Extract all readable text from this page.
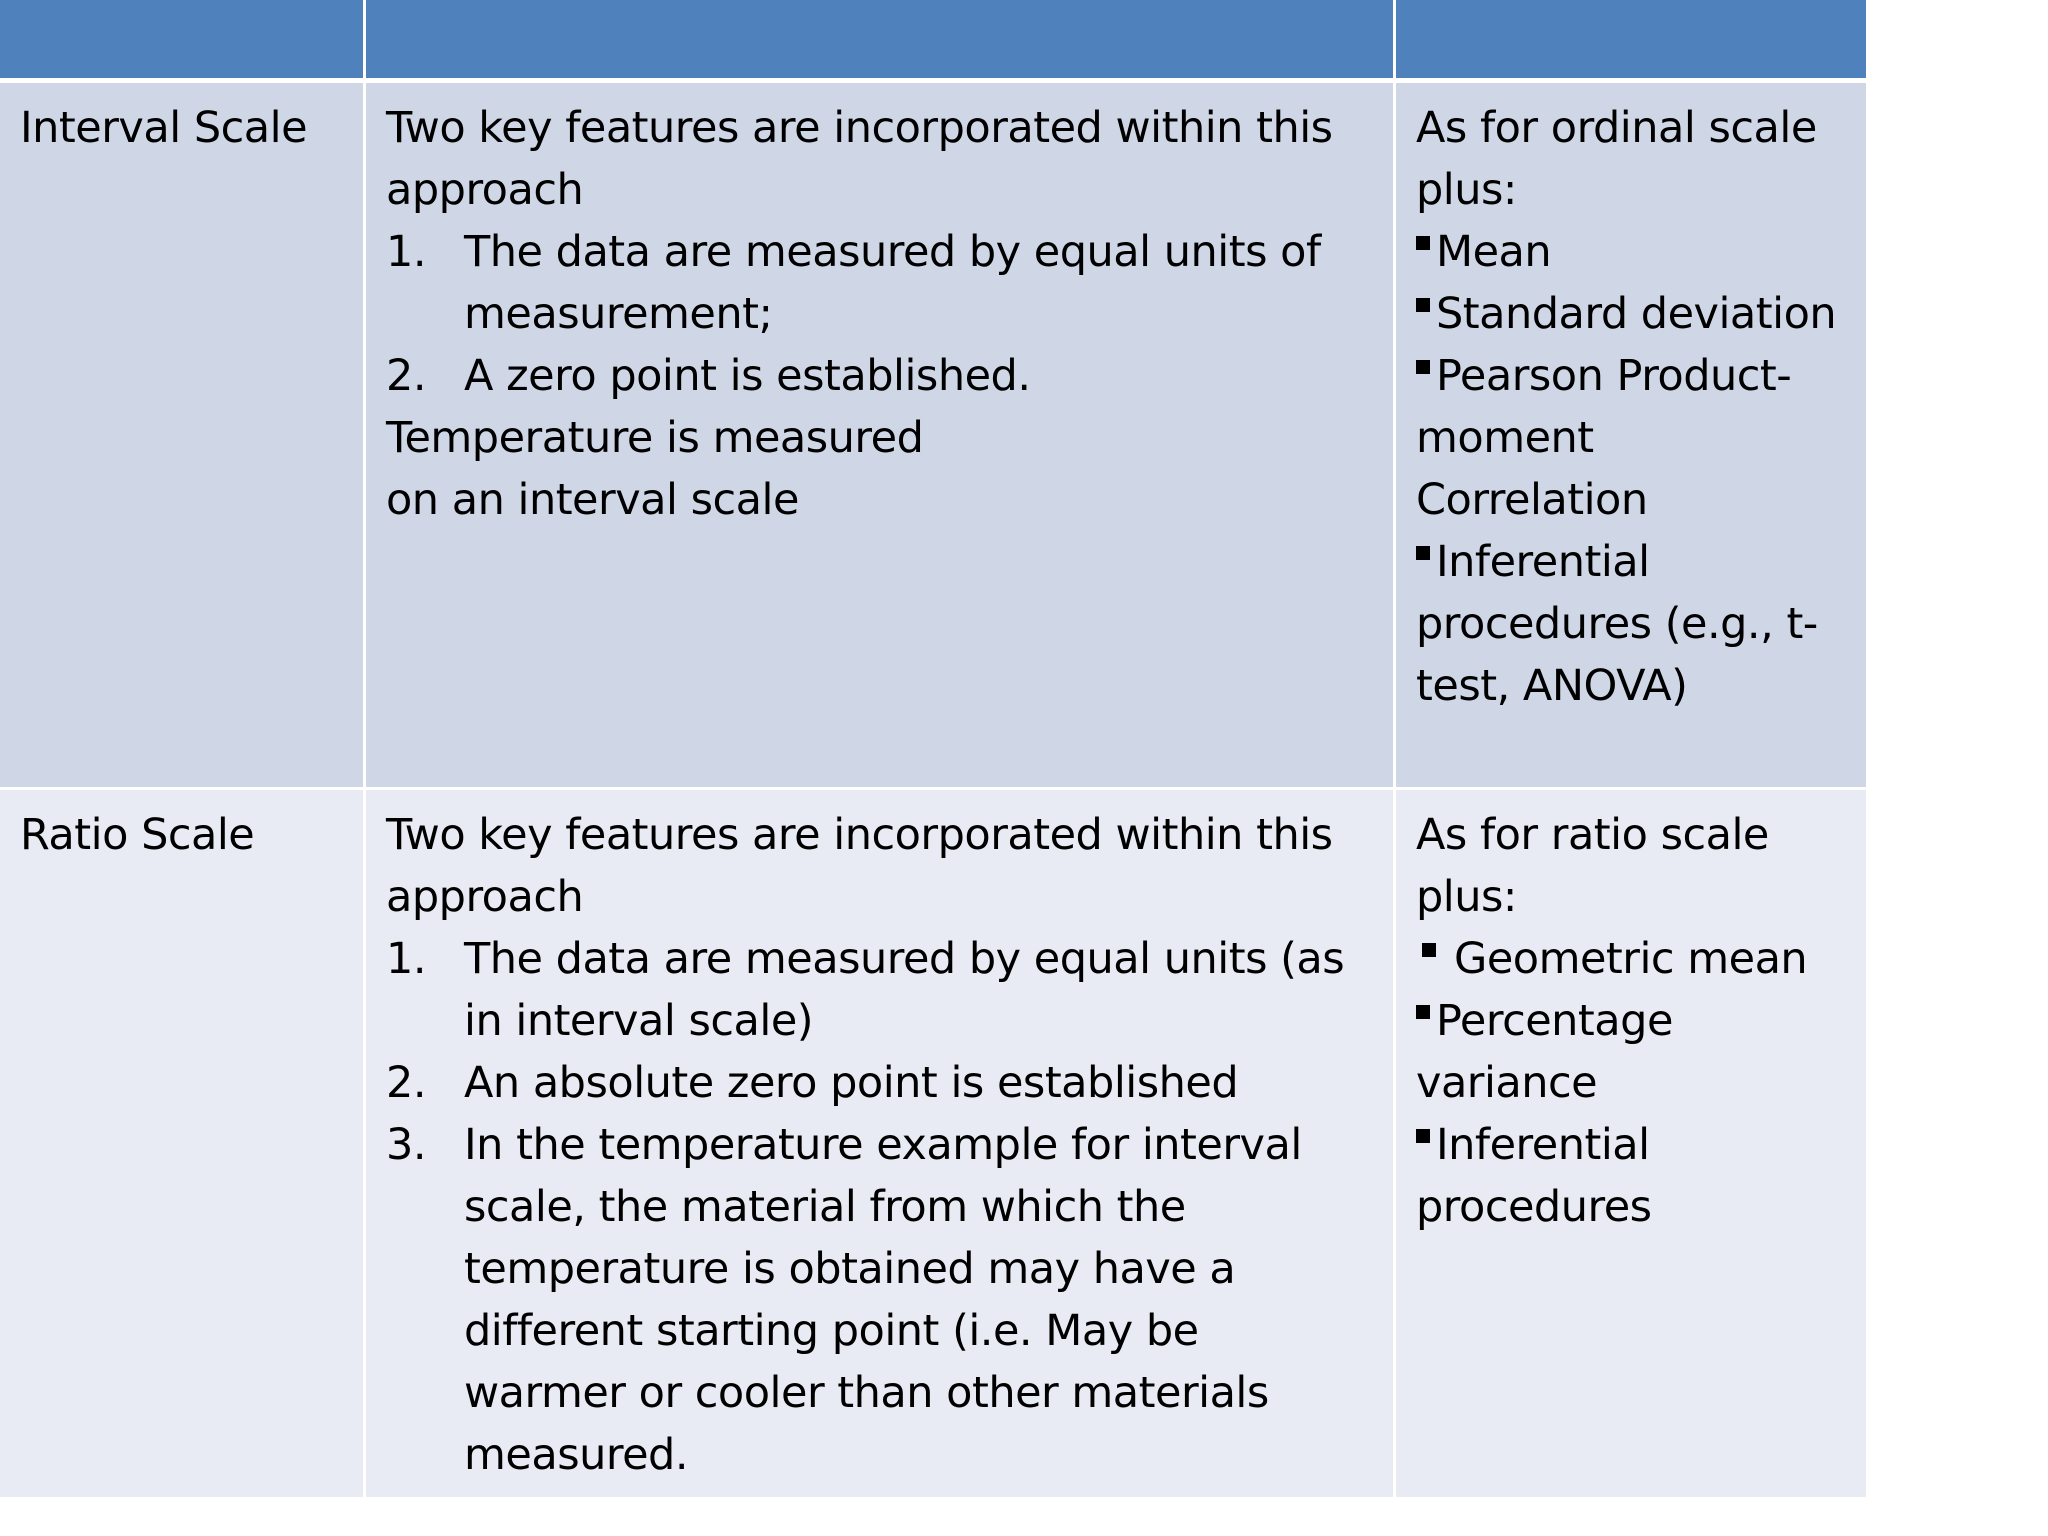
Interval Scale	Two key features are incorporated within this
approach
1. The data are measured by equal units of
measurement;
2. A zero point is established.
Temperature is measured
on an interval scale
As for ordinal scale
plus:
Mean
Standard deviation
Pearson Product-
moment
Correlation
Inferential
procedures (e.g., t-
test, ANOVA)
Ratio Scale	Two key features are incorporated within this
approach
1. The data are measured by equal units (as
in interval scale)
2. An absolute zero point is established
3. In the temperature example for interval
scale, the material from which the
temperature is obtained may have a
different starting point (i.e. May be
warmer or cooler than other materials
measured.
As for ratio scale
plus:
Geometric mean
Percentage
variance
Inferential
procedures
